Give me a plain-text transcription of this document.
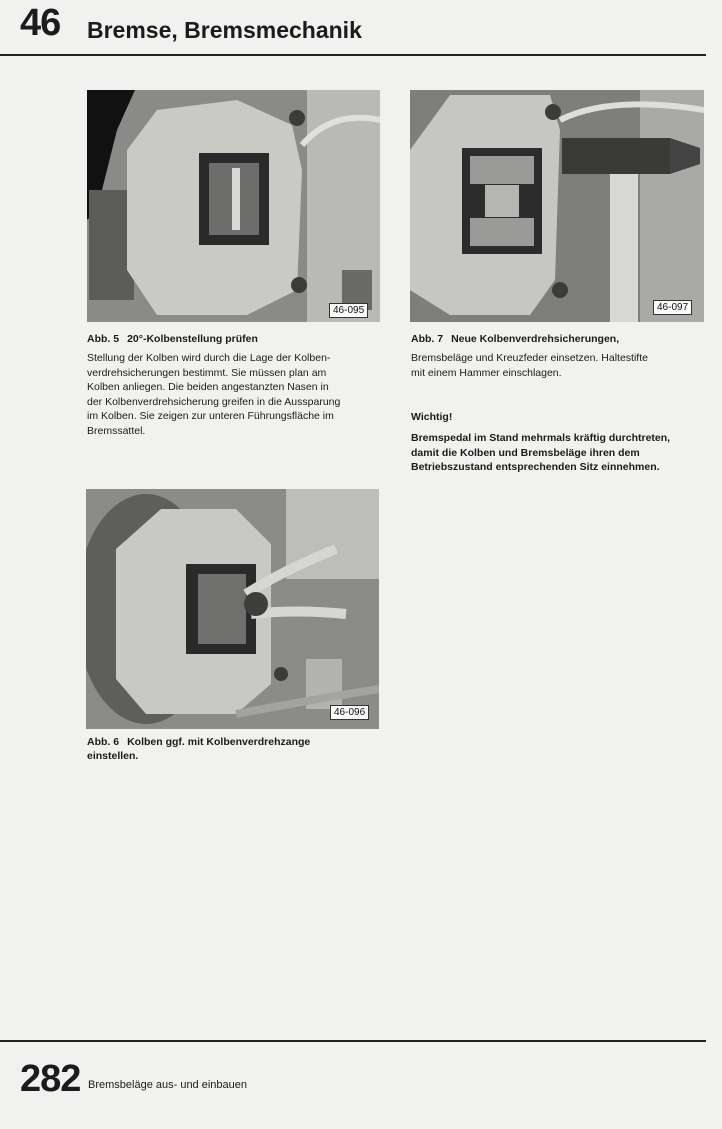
46 Bremse, Bremsmechanik
46-095	46-097
Abb. 5 20°-Kolbenstellung prüfen
Stellung der Kolben wird durch die Lage der Kolben-
verdrehsicherungen bestimmt. Sie müssen plan am
Kolben anliegen. Die beiden angestanzten Nasen in
der Kolbenverdrehsicherung greifen in die Aussparung
im Kolben. Sie zeigen zur unteren Führungsfläche im
Bremssattel.
Abb. 7 Neue Kolbenverdrehsicherungen,
Bremsbeläge und Kreuzfeder einsetzen. Haltestifte
mit einem Hammer einschlagen.
Wichtig!
Bremspedal im Stand mehrmals kräftig durchtreten,
damit die Kolben und Bremsbeläge ihren dem
Betriebszustand entsprechenden Sitz einnehmen.
46-096
Abb. 6 Kolben ggf. mit Kolbenverdrehzange
einstellen.
282 Bremsbeläge aus- und einbauen
